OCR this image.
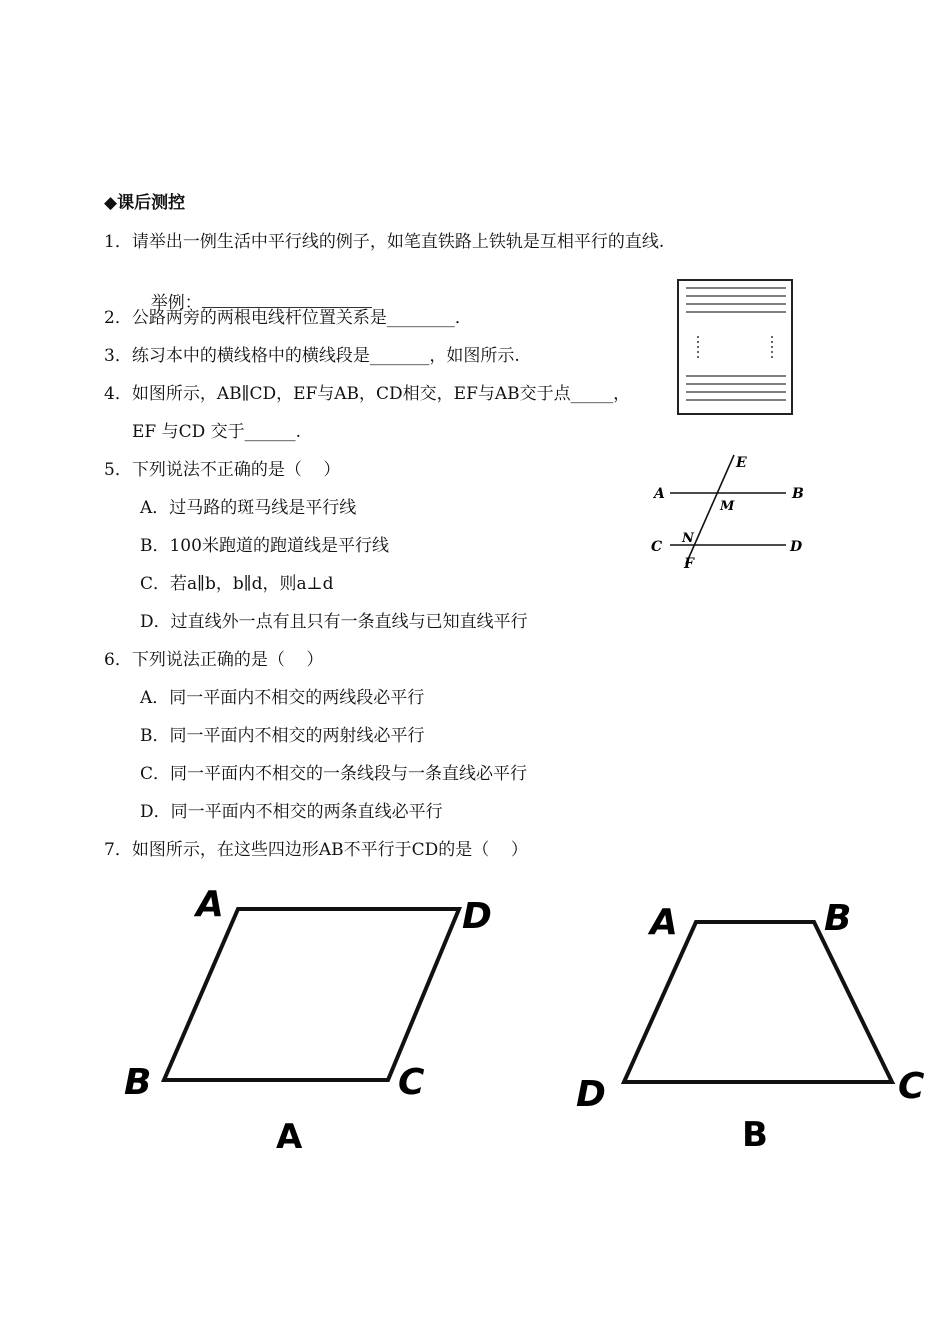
◆课后测控
1．请举出一例生活中平行线的例子，如笔直铁路上铁轨是互相平行的直线.

举例：

2．公路两旁的两根电线杆位置关系是________．
3．练习本中的横线格中的横线段是_______，如图所示.
4．如图所示，AB∥CD，EF与AB，CD相交，EF与AB交于点_____，
EF 与CD 交于______.
5．下列说法不正确的是（    ）
A．过马路的斑马线是平行线
B．100米跑道的跑道线是平行线
C．若a∥b，b∥d，则a⊥d
D．过直线外一点有且只有一条直线与已知直线平行
6．下列说法正确的是（    ）
A．同一平面内不相交的两线段必平行
B．同一平面内不相交的两射线必平行
C．同一平面内不相交的一条线段与一条直线必平行
D．同一平面内不相交的两条直线必平行
7．如图所示，在这些四边形AB不平行于CD的是（    ）
E
A
M
B
C
N
D
F
A	D
B	C
A
A	B
D	C
B
